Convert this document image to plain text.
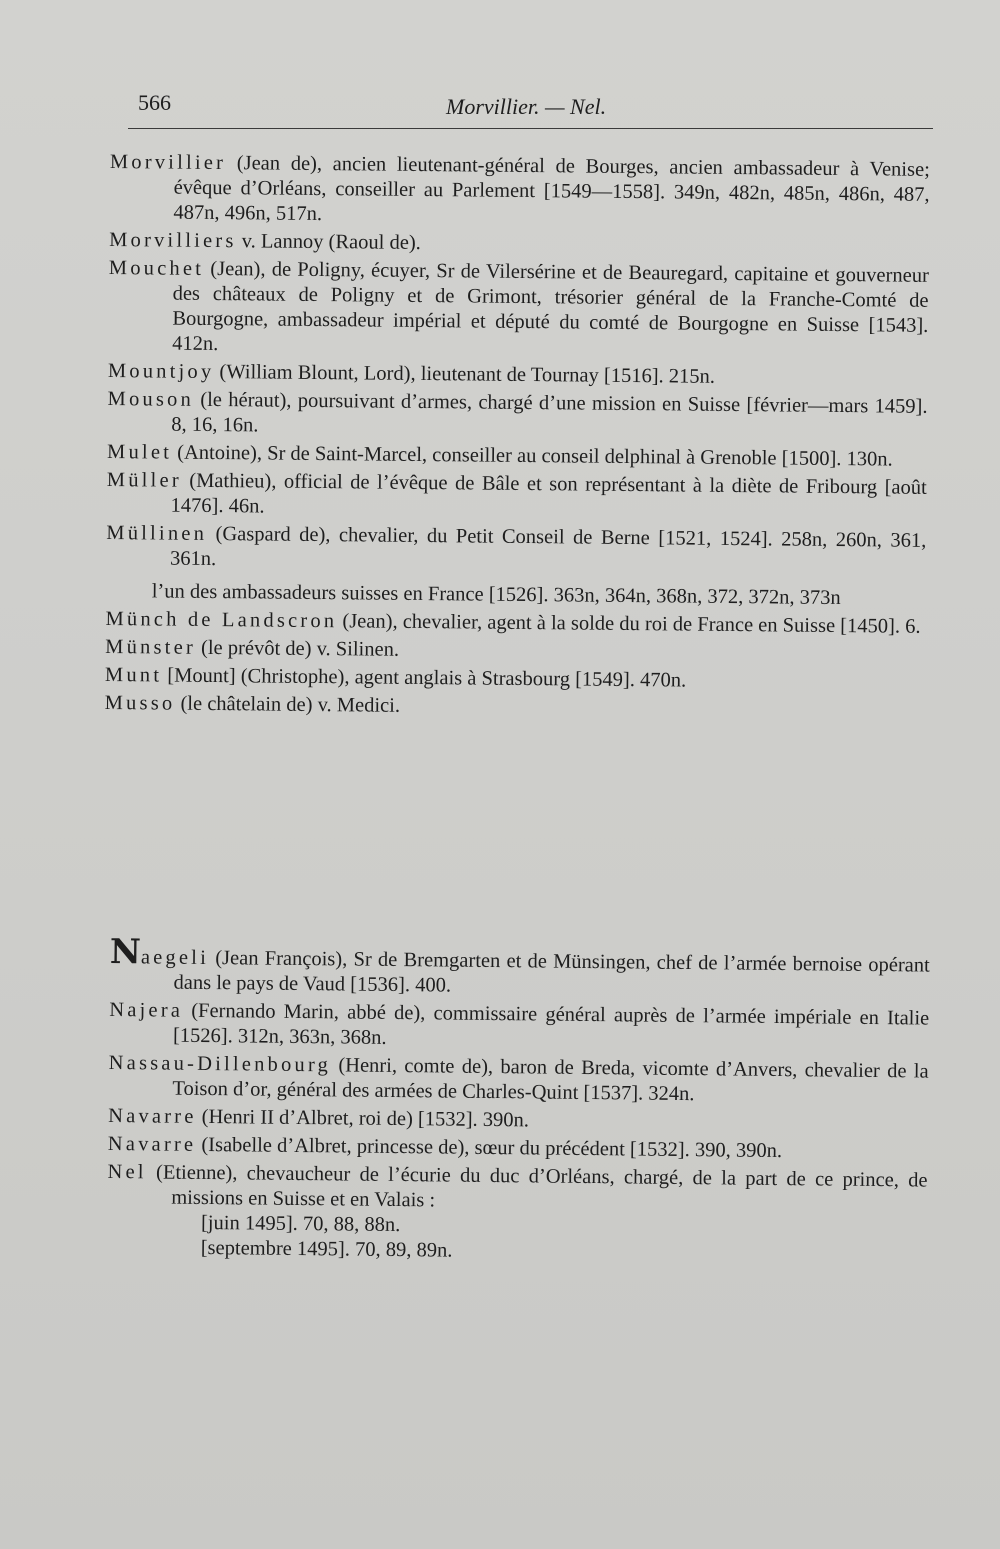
566	Morvillier. — Nel.

Morvillier (Jean de), ancien lieutenant-général de Bourges, ancien ambassadeur à Venise; évêque d’Orléans, conseiller au Parlement [1549—1558]. 349n, 482n, 485n, 486n, 487, 487n, 496n, 517n.

Morvilliers v. Lannoy (Raoul de).

Mouchet (Jean), de Poligny, écuyer, Sr de Vilersérine et de Beauregard, capitaine et gouverneur des châteaux de Poligny et de Grimont, trésorier général de la Franche-Comté de Bourgogne, ambassadeur impérial et député du comté de Bourgogne en Suisse [1543]. 412n.

Mountjoy (William Blount, Lord), lieutenant de Tournay [1516]. 215n.

Mouson (le héraut), poursuivant d’armes, chargé d’une mission en Suisse [février—mars 1459]. 8, 16, 16n.

Mulet (Antoine), Sr de Saint-Marcel, conseiller au conseil delphinal à Grenoble [1500]. 130n.

Müller (Mathieu), official de l’évêque de Bâle et son représentant à la diète de Fribourg [août 1476]. 46n.

Müllinen (Gaspard de), chevalier, du Petit Conseil de Berne [1521, 1524]. 258n, 260n, 361, 361n.

l’un des ambassadeurs suisses en France [1526]. 363n, 364n, 368n, 372, 372n, 373n

Münch de Landscron (Jean), chevalier, agent à la solde du roi de France en Suisse [1450]. 6.

Münster (le prévôt de) v. Silinen.

Munt [Mount] (Christophe), agent anglais à Strasbourg [1549]. 470n.

Musso (le châtelain de) v. Medici.

Naegeli (Jean François), Sr de Bremgarten et de Münsingen, chef de l’armée bernoise opérant dans le pays de Vaud [1536]. 400.

Najera (Fernando Marin, abbé de), commissaire général auprès de l’armée impériale en Italie [1526]. 312n, 363n, 368n.

Nassau-Dillenbourg (Henri, comte de), baron de Breda, vicomte d’Anvers, chevalier de la Toison d’or, général des armées de Charles-Quint [1537]. 324n.

Navarre (Henri II d’Albret, roi de) [1532]. 390n.

Navarre (Isabelle d’Albret, princesse de), sœur du précédent [1532]. 390, 390n.

Nel (Etienne), chevaucheur de l’écurie du duc d’Orléans, chargé, de la part de ce prince, de missions en Suisse et en Valais :
[juin 1495]. 70, 88, 88n.
[septembre 1495]. 70, 89, 89n.
